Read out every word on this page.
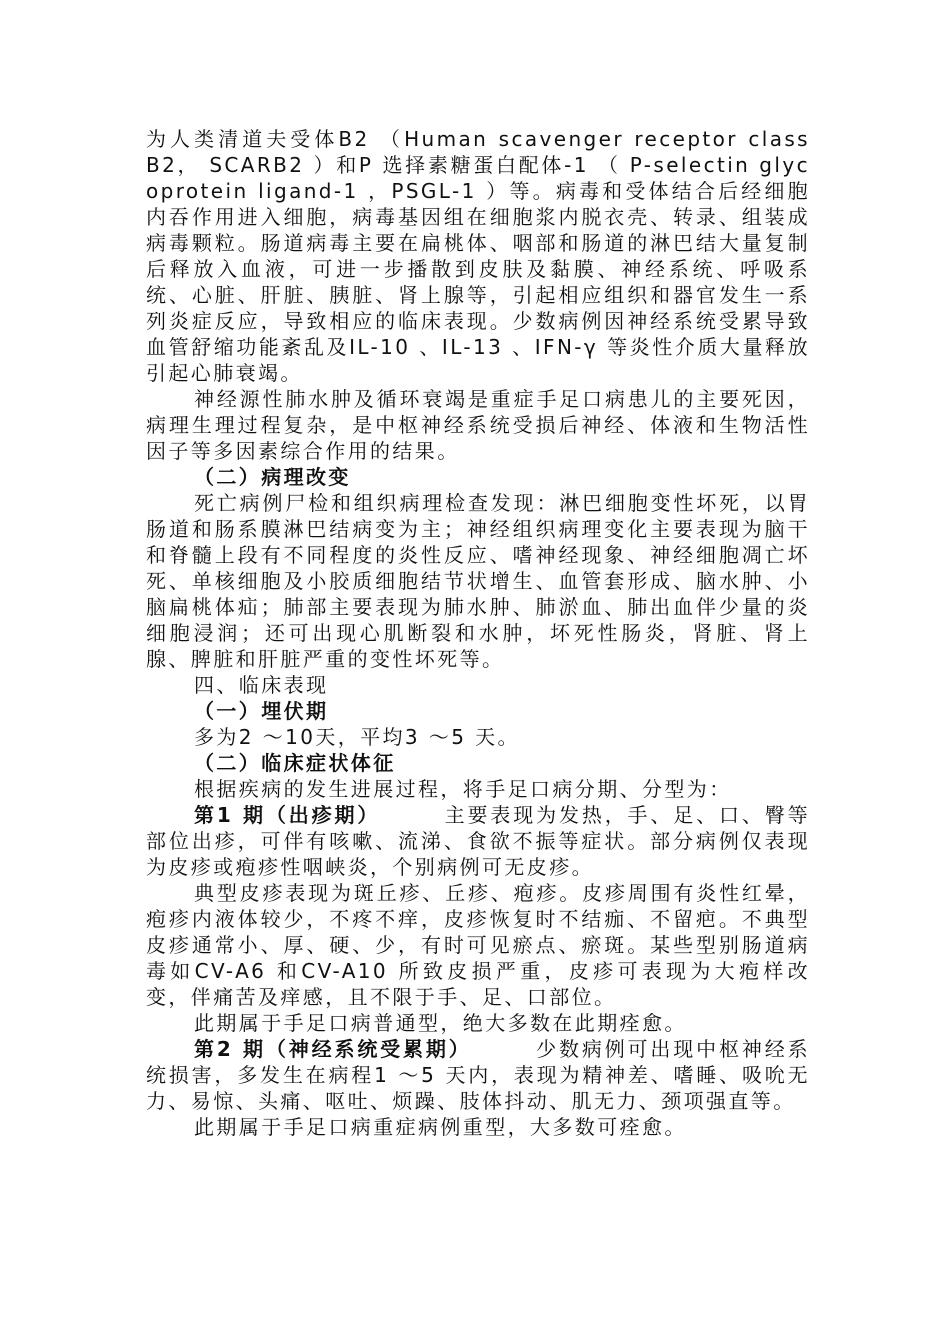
为人类清道夫受体B2 （Human scavenger receptor class B2， SCARB2 ）和P 选择素糖蛋白配体-1 （ P-selectin glycoprotein ligand-1 ，PSGL-1 ）等。病毒和受体结合后经细胞内吞作用进入细胞，病毒基因组在细胞浆内脱衣壳、转录、组装成病毒颗粒。肠道病毒主要在扁桃体、咽部和肠道的淋巴结大量复制后释放入血液，可进一步播散到皮肤及黏膜、神经系统、呼吸系统、心脏、肝脏、胰脏、肾上腺等，引起相应组织和器官发生一系列炎症反应，导致相应的临床表现。少数病例因神经系统受累导致血管舒缩功能紊乱及IL-10 、IL-13 、IFN-γ 等炎性介质大量释放引起心肺衰竭。

神经源性肺水肿及循环衰竭是重症手足口病患儿的主要死因，病理生理过程复杂，是中枢神经系统受损后神经、体液和生物活性因子等多因素综合作用的结果。

（二）病理改变

死亡病例尸检和组织病理检查发现：淋巴细胞变性坏死，以胃肠道和肠系膜淋巴结病变为主；神经组织病理变化主要表现为脑干和脊髓上段有不同程度的炎性反应、嗜神经现象、神经细胞凋亡坏死、单核细胞及小胶质细胞结节状增生、血管套形成、脑水肿、小脑扁桃体疝；肺部主要表现为肺水肿、肺淤血、肺出血伴少量的炎细胞浸润；还可出现心肌断裂和水肿，坏死性肠炎，肾脏、肾上腺、脾脏和肝脏严重的变性坏死等。

四、临床表现

（一）埋伏期

多为2 ～10天，平均3 ～5 天。

（二）临床症状体征

根据疾病的发生进展过程，将手足口病分期、分型为：

第1 期（出疹期）	主要表现为发热，手、足、口、臀等部位出疹，可伴有咳嗽、流涕、食欲不振等症状。部分病例仅表现为皮疹或疱疹性咽峡炎，个别病例可无皮疹。

典型皮疹表现为斑丘疹、丘疹、疱疹。皮疹周围有炎性红晕，疱疹内液体较少，不疼不痒，皮疹恢复时不结痂、不留疤。不典型皮疹通常小、厚、硬、少，有时可见瘀点、瘀斑。某些型别肠道病毒如CV-A6 和CV-A10 所致皮损严重，皮疹可表现为大疱样改变，伴痛苦及痒感，且不限于手、足、口部位。

此期属于手足口病普通型，绝大多数在此期痊愈。

第2 期（神经系统受累期）	少数病例可出现中枢神经系统损害，多发生在病程1 ～5 天内，表现为精神差、嗜睡、吸吮无力、易惊、头痛、呕吐、烦躁、肢体抖动、肌无力、颈项强直等。

此期属于手足口病重症病例重型，大多数可痊愈。
